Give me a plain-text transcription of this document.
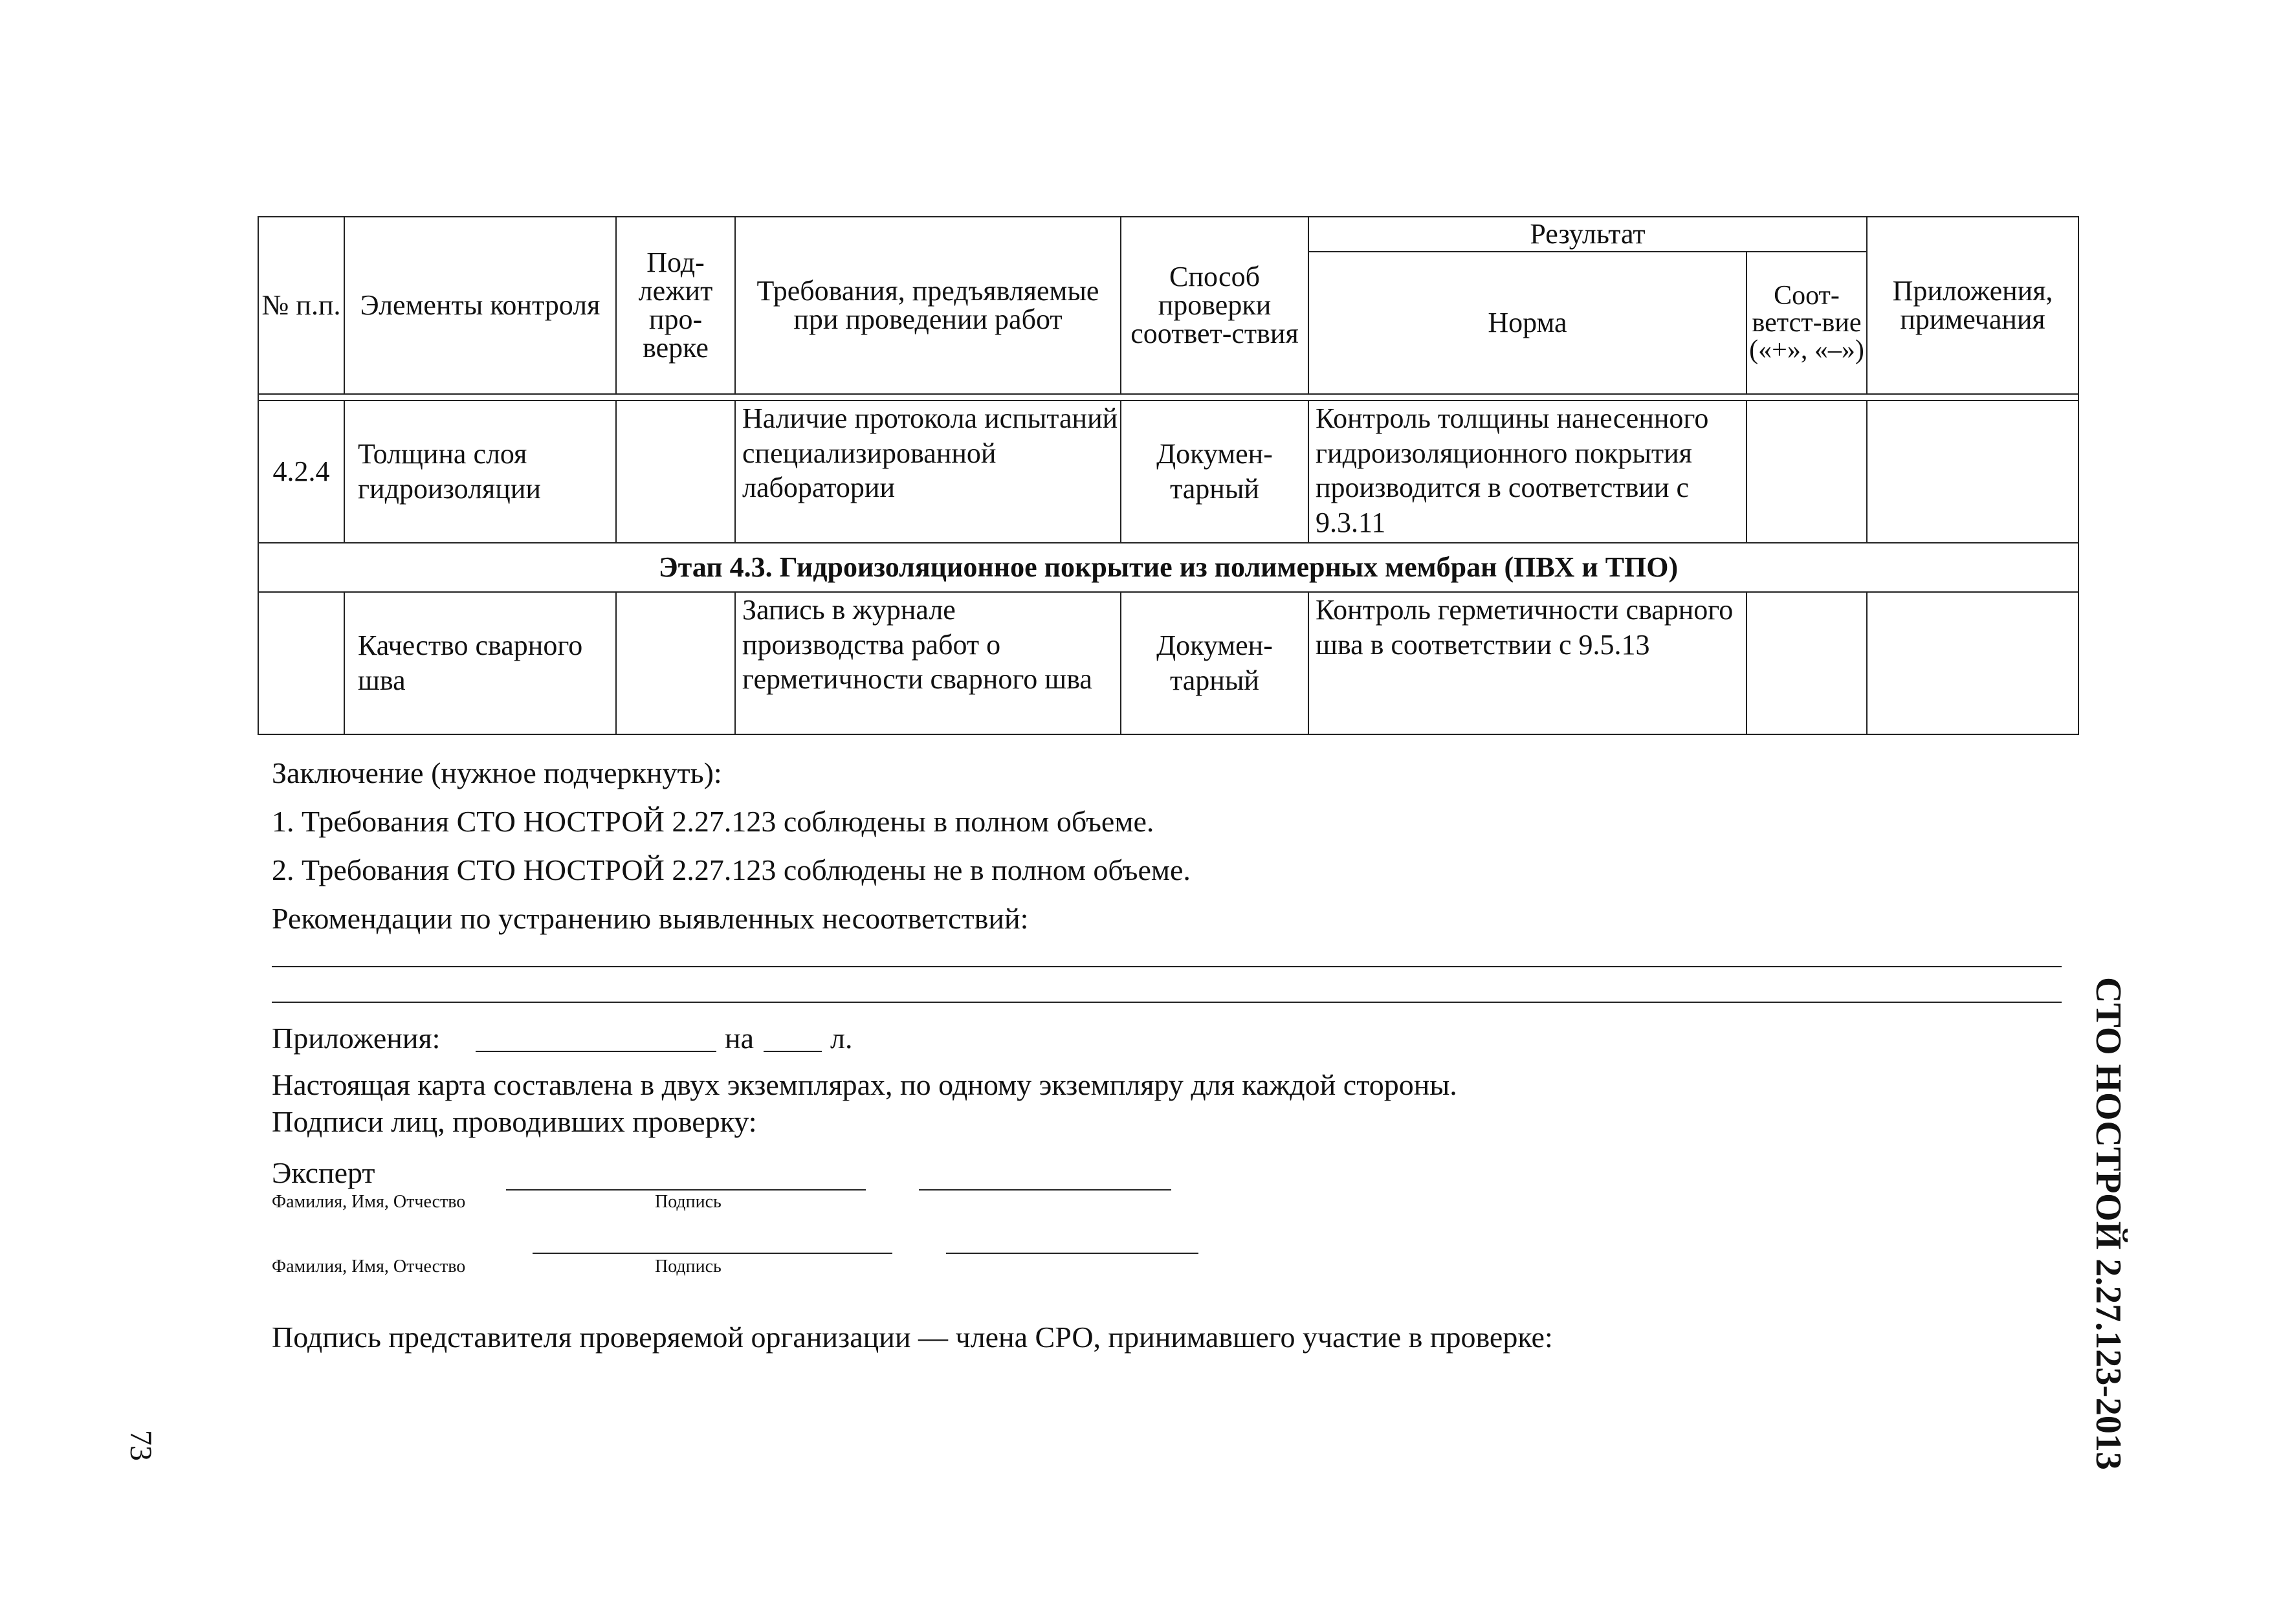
№ п.п.	Элементы контроля	Под-лежит про-верке	Требования, предъявляемые при проведении работ	Способ проверки соответ-ствия	Результат		Приложения, примечания
					Норма	Соот-ветст-вие («+», «–»)	

4.2.4	Толщина слоя гидроизоляции		Наличие протокола испытаний специализированной лаборатории	Докумен-тарный	Контроль толщины нанесенного гидроизоляционного покрытия производится в соответствии с 9.3.11		
Этап 4.3. Гидроизоляционное покрытие из полимерных мембран (ПВХ и ТПО)							
	Качество сварного шва		Запись в журнале производства работ о герметичности сварного шва	Докумен-тарный	Контроль герметичности сварного шва в соответствии с 9.5.13		
Заключение (нужное подчеркнуть):
1. Требования СТО НОСТРОЙ 2.27.123 соблюдены в полном объеме.
2. Требования СТО НОСТРОЙ 2.27.123 соблюдены не в полном объеме.
Рекомендации по устранению выявленных несоответствий:
Приложения:	на	л.
Настоящая карта составлена в двух экземплярах, по одному экземпляру для каждой стороны.
Подписи лиц, проводивших проверку:
Эксперт
Фамилия, Имя, Отчество	Подпись
Фамилия, Имя, Отчество	Подпись
Подпись представителя проверяемой организации — члена СРО, принимавшего участие в проверке:	СТО НОСТРОЙ 2.27.123-2013
73
